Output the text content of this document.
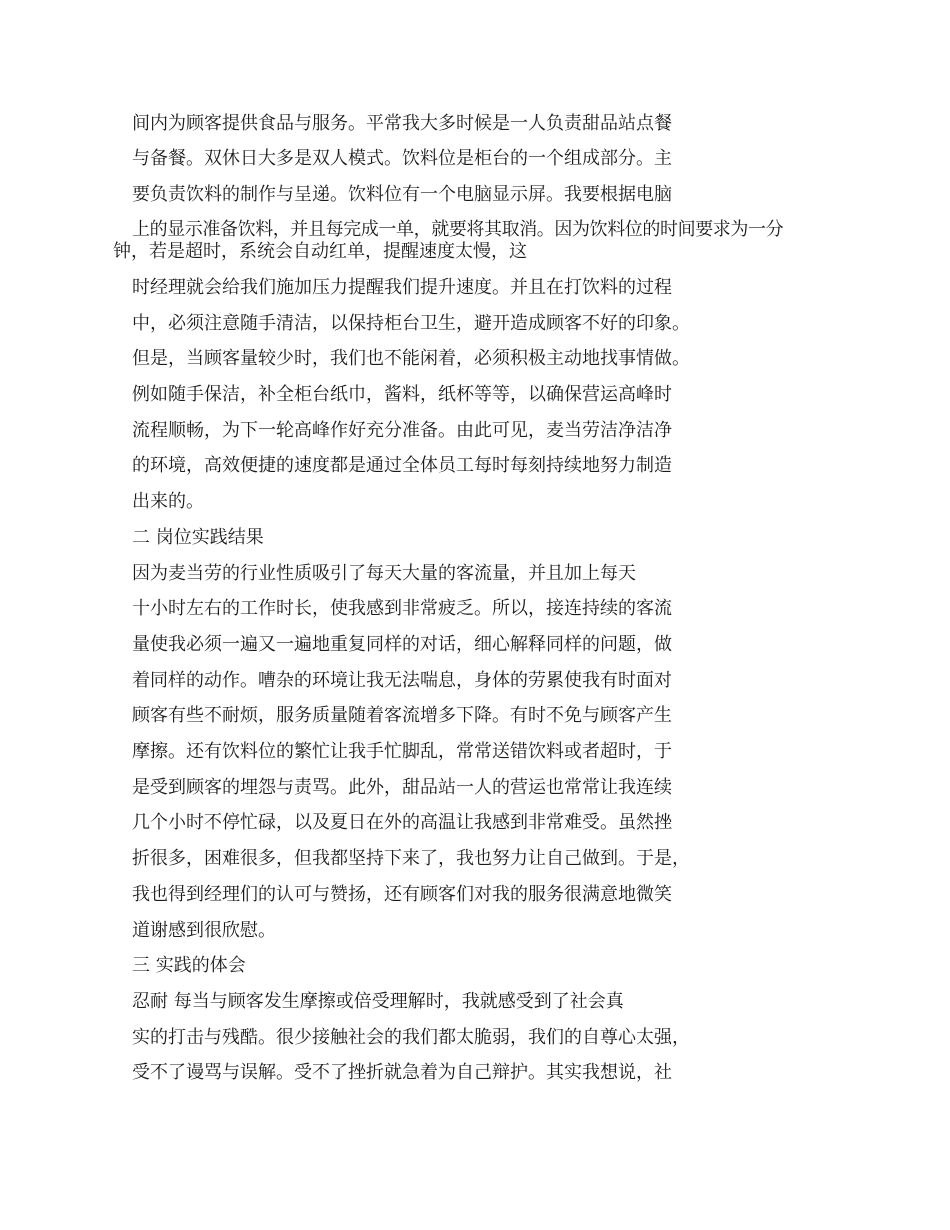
间内为顾客提供食品与服务。平常我大多时候是一人负责甜品站点餐
与备餐。双休日大多是双人模式。饮料位是柜台的一个组成部分。主
要负责饮料的制作与呈递。饮料位有一个电脑显示屏。我要根据电脑
上的显示准备饮料，并且每完成一单，就要将其取消。因为饮料位的时间要求为一分
钟，若是超时，系统会自动红单，提醒速度太慢，这
时经理就会给我们施加压力提醒我们提升速度。并且在打饮料的过程
中，必须注意随手清洁，以保持柜台卫生，避开造成顾客不好的印象。
但是，当顾客量较少时，我们也不能闲着，必须积极主动地找事情做。
例如随手保洁，补全柜台纸巾，酱料，纸杯等等，以确保营运高峰时
流程顺畅，为下一轮高峰作好充分准备。由此可见，麦当劳洁净洁净
的环境，高效便捷的速度都是通过全体员工每时每刻持续地努力制造
出来的。
二 岗位实践结果
因为麦当劳的行业性质吸引了每天大量的客流量，并且加上每天
十小时左右的工作时长，使我感到非常疲乏。所以，接连持续的客流
量使我必须一遍又一遍地重复同样的对话，细心解释同样的问题，做
着同样的动作。嘈杂的环境让我无法喘息，身体的劳累使我有时面对
顾客有些不耐烦，服务质量随着客流增多下降。有时不免与顾客产生
摩擦。还有饮料位的繁忙让我手忙脚乱，常常送错饮料或者超时，于
是受到顾客的埋怨与责骂。此外，甜品站一人的营运也常常让我连续
几个小时不停忙碌，以及夏日在外的高温让我感到非常难受。虽然挫
折很多，困难很多，但我都坚持下来了，我也努力让自己做到。于是，
我也得到经理们的认可与赞扬，还有顾客们对我的服务很满意地微笑
道谢感到很欣慰。
三 实践的体会
忍耐 每当与顾客发生摩擦或倍受理解时，我就感受到了社会真
实的打击与残酷。很少接触社会的我们都太脆弱，我们的自尊心太强，
受不了谩骂与误解。受不了挫折就急着为自己辩护。其实我想说，社
